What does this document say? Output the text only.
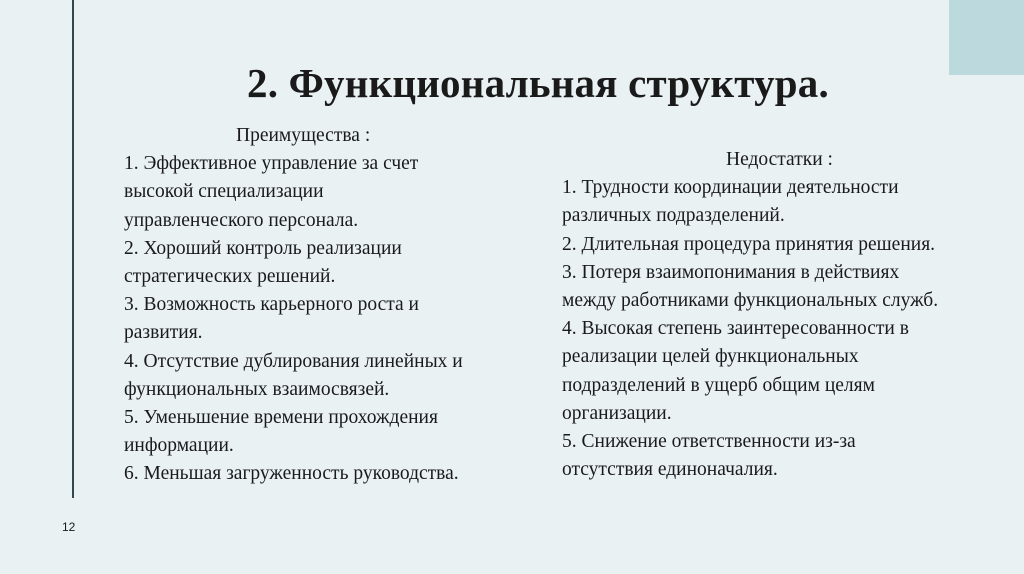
2. Функциональная структура.
Преимущества :
1. Эффективное управление за счет
высокой специализации
управленческого персонала.
2. Хороший контроль реализации
стратегических решений.
3. Возможность карьерного роста и
развития.
4. Отсутствие дублирования линейных и
функциональных взаимосвязей.
5. Уменьшение времени прохождения
информации.
6. Меньшая загруженность руководства.
Недостатки :
1. Трудности координации деятельности
различных подразделений.
2. Длительная процедура принятия решения.
3. Потеря взаимопонимания в действиях
между работниками функциональных служб.
4. Высокая степень заинтересованности в
реализации целей функциональных
подразделений в ущерб общим целям
организации.
5. Снижение ответственности из-за
отсутствия единоначалия.
12
